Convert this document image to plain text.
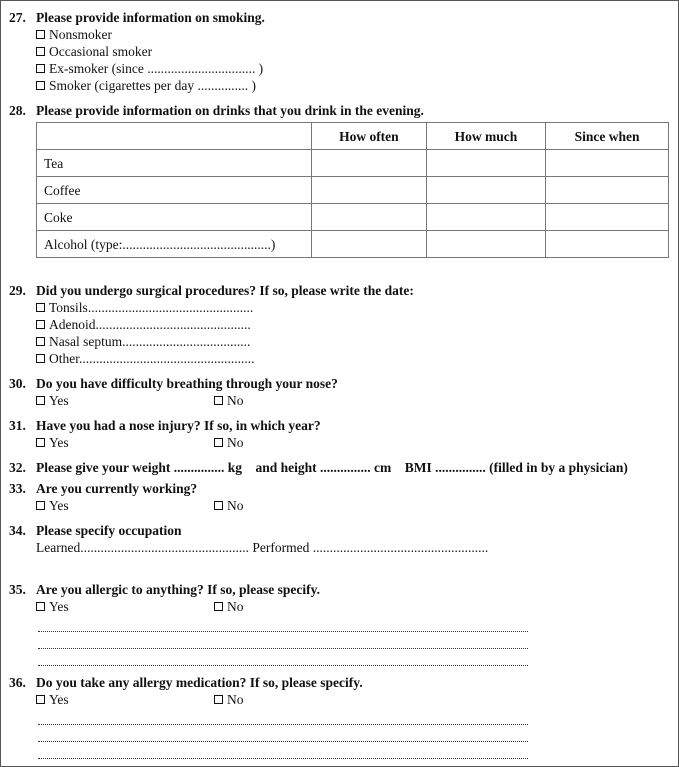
27. Please provide information on smoking.
Nonsmoker
Occasional smoker
Ex-smoker (since ................................ )
Smoker (cigarettes per day ............... )
28. Please provide information on drinks that you drink in the evening.
	How often	How much	Since when
Tea			
Coffee			
Coke			
Alcohol (type:............................................)			
29. Did you undergo surgical procedures? If so, please write the date:
Tonsils.................................................
Adenoid..............................................
Nasal septum......................................
Other....................................................
30. Do you have difficulty breathing through your nose?
Yes	No
31. Have you had a nose injury? If so, in which year?
Yes	No
32. Please give your weight ............... kg    and height ............... cm    BMI ............... (filled in by a physician)
33. Are you currently working?
Yes	No
34. Please specify occupation
Learned.................................................. Performed ....................................................
35. Are you allergic to anything? If so, please specify.
Yes	No
36. Do you take any allergy medication? If so, please specify.
Yes	No
